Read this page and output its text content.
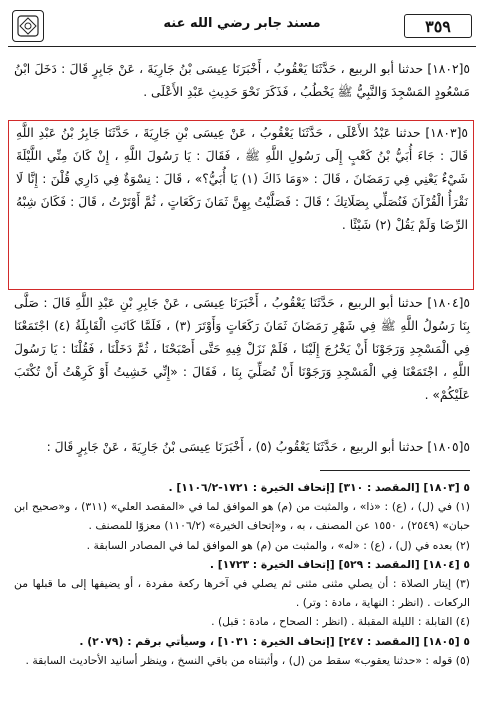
مسند جابر رضي الله عنه	٣٥٩
٥[١٨٠٢] حدثنا أبو الربيع ، حَدَّثَنَا يَعْقُوبُ ، أَخْبَرَنَا عِيسَى بْنُ جَارِيَةَ ، عَنْ جَابِرٍ قَالَ : دَخَلَ ابْنُ مَسْعُودٍ المَسْجِدَ وَالنَّبِيُّ ﷺ يَخْطُبُ ، فَذَكَرَ نَحْوَ حَدِيثِ عَبْدِ الأَعْلَى .
٥[١٨٠٣] حدثنا عَبْدُ الأَعْلَى ، حَدَّثَنَا يَعْقُوبُ ، عَنْ عِيسَى بْنِ جَارِيَةَ ، حَدَّثَنَا جَابِرُ بْنُ عَبْدِ اللَّهِ قَالَ : جَاءَ أُبَيُّ بْنُ كَعْبٍ إِلَى رَسُولِ اللَّهِ ﷺ ، فَقَالَ : يَا رَسُولَ اللَّهِ ، إِنْ كَانَ مِنِّي اللَّيْلَةَ شَيْءٌ يَعْنِي فِي رَمَضَانَ ، قَالَ : «وَمَا ذَاكَ (١) يَا أُبَيُّ؟» ، قَالَ : نِسْوَةٌ فِي دَارِي قُلْنَ : إِنَّا لَا نَقْرَأُ الْقُرْآنَ فَنُصَلِّي بِصَلَاتِكَ ؛ قَالَ : فَصَلَّيْتُ بِهِنَّ ثَمَانَ رَكَعَاتٍ ، ثُمَّ أَوْتَرْتُ ، قَالَ : فَكَانَ شِبْهُ الرِّضَا وَلَمْ يَقُلْ (٢) شَيْئًا .
٥[١٨٠٤] حدثنا أبو الربيع ، حَدَّثَنَا يَعْقُوبُ ، أَخْبَرَنَا عِيسَى ، عَنْ جَابِرِ بْنِ عَبْدِ اللَّهِ قَالَ : صَلَّى بِنَا رَسُولُ اللَّهِ ﷺ فِي شَهْرِ رَمَضَانَ ثَمَانَ رَكَعَاتٍ وَأَوْتَرَ (٣) ، فَلَمَّا كَانَتِ الْقَابِلَةُ (٤) اجْتَمَعْنَا فِي الْمَسْجِدِ وَرَجَوْنَا أَنْ يَخْرُجَ إِلَيْنَا ، فَلَمْ نَزَلْ فِيهِ حَتَّى أَصْبَحْنَا ، ثُمَّ دَخَلْنَا ، فَقُلْنَا : يَا رَسُولَ اللَّهِ ، اجْتَمَعْنَا فِي الْمَسْجِدِ وَرَجَوْنَا أَنْ تُصَلِّيَ بِنَا ، فَقَالَ : «إِنِّي خَشِيتُ أَوْ كَرِهْتُ أَنْ تُكْتَبَ عَلَيْكُمْ» .
٥[١٨٠٥] حدثنا أبو الربيع ، حَدَّثَنَا يَعْقُوبُ (٥) ، أَخْبَرَنَا عِيسَى بْنُ جَارِيَةَ ، عَنْ جَابِرٍ قَالَ :
٥ [١٨٠٣] [المقصد : ٣١٠] [إتحاف الخيرة : ١٧٢١-١١٠٦/٢] .
(١) في (ل) ، (ع) : «ذا» ، والمثبت من (م) هو الموافق لما في «المقصد العلي» (٣١١) ، و«صحيح ابن حبان» (٢٥٤٩) ، ١٥٥٠ عن المصنف ، به ، و«إتحاف الخيرة» (١١٠٦/٢) معزوًا للمصنف .
(٢) بعده في (ل) ، (ع) : «له» ، والمثبت من (م) هو الموافق لما في المصادر السابقة .
٥ [١٨٠٤] [المقصد : ٥٢٩] [إتحاف الخيرة : ١٧٢٣] .
(٣) إيتار الصلاة : أن يصلي مثنى مثنى ثم يصلي في آخرها ركعة مفردة ، أو يضيفها إلى ما قبلها من الركعات . (انظر : النهاية ، مادة : وتر) .
(٤) القابلة : الليلة المقبلة . (انظر : الصحاح ، مادة : قبل) .
٥ [١٨٠٥] [المقصد : ٢٤٧] [إتحاف الخيرة : ١٠٣١] ، وسيأتي برقم : (٢٠٧٩) .
(٥) قوله : «حدثنا يعقوب» سقط من (ل) ، وأثبتناه من باقي النسخ ، وينظر أسانيد الأحاديث السابقة .
